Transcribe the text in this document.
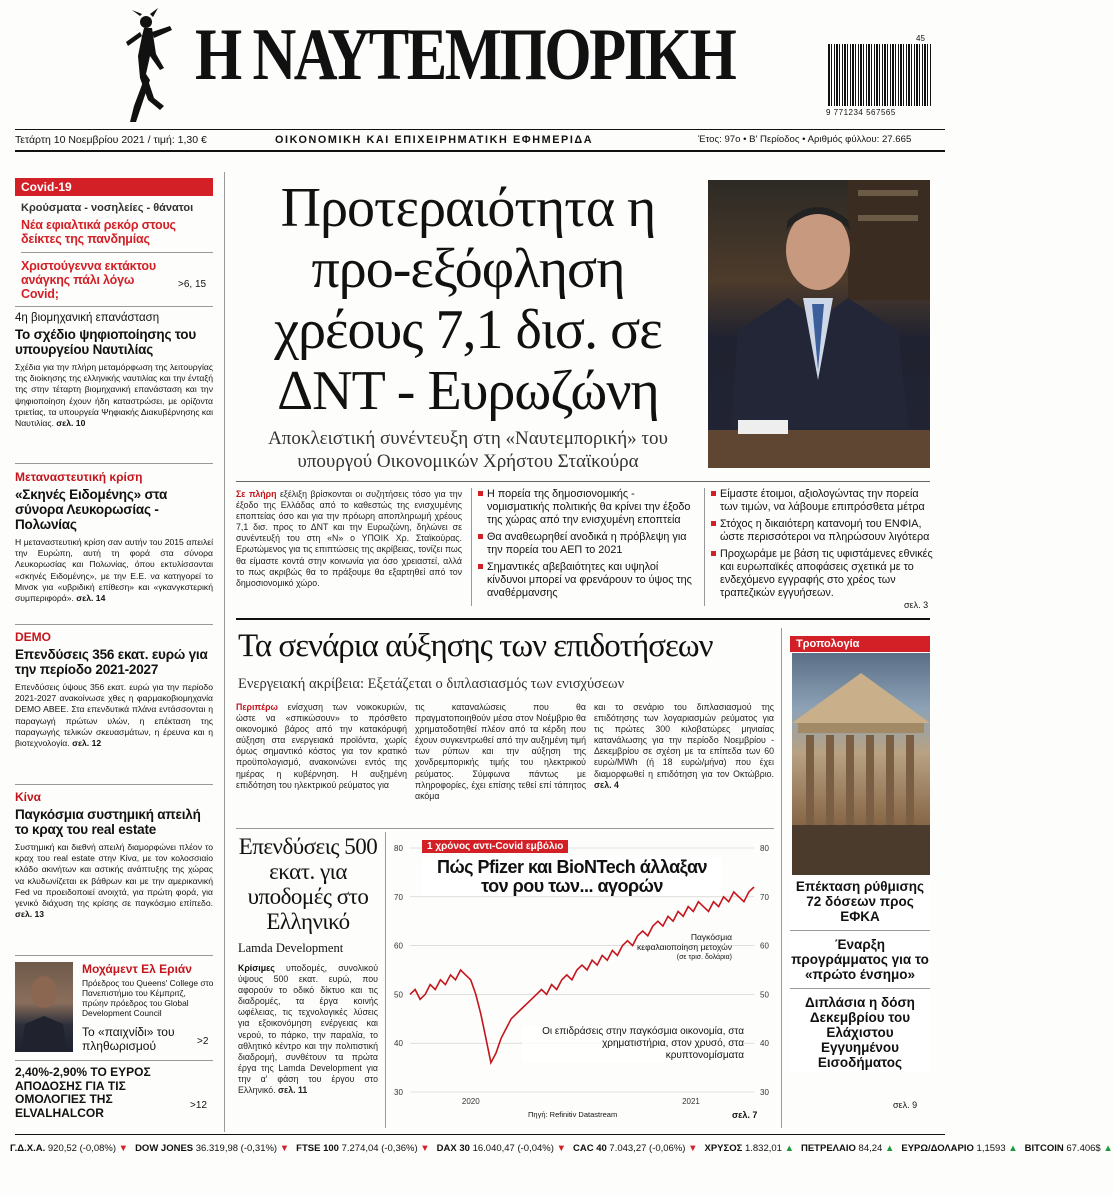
Η ΝΑΥΤΕΜΠΟΡΙΚΗ	45
9 771234 567565
Τετάρτη 10 Νοεμβρίου 2021 / τιμή: 1,30 €	ΟΙΚΟΝΟΜΙΚΗ ΚΑΙ ΕΠΙΧΕΙΡΗΜΑΤΙΚΗ ΕΦΗΜΕΡΙΔΑ	Έτος: 97ο • Β' Περίοδος • Αριθμός φύλλου: 27.665
Covid-19
Κρούσματα - νοσηλείες - θάνατοι
Νέα εφιαλτικά ρεκόρ στους δείκτες της πανδημίας
Χριστούγεννα εκτάκτου ανάγκης πάλι λόγω Covid;
>6, 15
4η βιομηχανική επανάσταση
Το σχέδιο ψηφιοποίησης του υπουργείου Ναυτιλίας

Σχέδια για την πλήρη μεταμόρφωση της λειτουργίας της διοίκησης της ελληνικής ναυτιλίας και την ένταξή της στην τέταρτη βιομηχανική επανάσταση και την ψηφιοποίηση έχουν ήδη καταστρώσει, με ορίζοντα τριετίας, τα υπουργεία Ψηφιακής Διακυβέρνησης και Ναυτιλίας. σελ. 10

Μεταναστευτική κρίση
«Σκηνές Ειδομένης» στα σύνορα Λευκορωσίας - Πολωνίας

Η μεταναστευτική κρίση σαν αυτήν του 2015 απειλεί την Ευρώπη, αυτή τη φορά στα σύνορα Λευκορωσίας και Πολωνίας, όπου εκτυλίσσονται «σκηνές Ειδομένης», με την Ε.Ε. να κατηγορεί το Μινσκ για «υβριδική επίθεση» και «γκανγκστερική συμπεριφορά». σελ. 14

DEMO
Επενδύσεις 356 εκατ. ευρώ για την περίοδο 2021-2027

Επενδύσεις ύψους 356 εκατ. ευρώ για την περίοδο 2021-2027 ανακοίνωσε χθες η φαρμακοβιομηχανία DEMO ABEE. Στα επενδυτικά πλάνα εντάσσονται η παραγωγή πρώτων υλών, η επέκταση της παραγωγής τελικών σκευασμάτων, η έρευνα και η βιοτεχνολογία. σελ. 12

Κίνα
Παγκόσμια συστημική απειλή το κραχ του real estate

Συστημική και διεθνή απειλή διαμορφώνει πλέον το κραχ του real estate στην Κίνα, με τον κολοσσιαίο κλάδο ακινήτων και αστικής ανάπτυξης της χώρας να κλυδωνίζεται εκ βάθρων και με την αμερικανική Fed να προειδοποιεί ανοιχτά, για πρώτη φορά, για γενικό διάχυση της κρίσης σε παγκόσμιο επίπεδο. σελ. 13

Μοχάμεντ Ελ Εριάν
Πρόεδρος του Queens' College στο Πανεπιστήμιο του Κέμπριτζ, πρώην πρόεδρος του Global Development Council
Το «παιχνίδι» του πληθωρισμού	>2
2,40%-2,90% ΤΟ ΕΥΡΟΣ ΑΠΟΔΟΣΗΣ ΓΙΑ ΤΙΣ ΟΜΟΛΟΓΙΕΣ ΤΗΣ ELVALHALCOR	>12
Προτεραιότητα η προ-εξόφληση χρέους 7,1 δισ. σε ΔΝΤ - Ευρωζώνη
Αποκλειστική συνέντευξη στη «Ναυτεμπορική» του υπουργού Οικονομικών Χρήστου Σταϊκούρα
Σε πλήρη εξέλιξη βρίσκονται οι συζητήσεις τόσο για την έξοδο της Ελλάδας από το καθεστώς της ενισχυμένης εποπτείας όσο και για την πρόωρη αποπληρωμή χρέους 7,1 δισ. προς το ΔΝΤ και την Ευρωζώνη, δηλώνει σε συνέντευξή του στη «Ν» ο ΥΠΟΙΚ Χρ. Σταϊκούρας. Ερωτώμενος για τις επιπτώσεις της ακρίβειας, τονίζει πως θα είμαστε κοντά στην κοινωνία για όσο χρειαστεί, αλλά το πως ακριβώς θα το πράξουμε θα εξαρτηθεί από τον δημοσιονομικό χώρο.
Η πορεία της δημοσιονομικής - νομισματικής πολιτικής θα κρίνει την έξοδο της χώρας από την ενισχυμένη εποπτεία
Θα αναθεωρηθεί ανοδικά η πρόβλεψη για την πορεία του ΑΕΠ το 2021
Σημαντικές αβεβαιότητες και υψηλοί κίνδυνοι μπορεί να φρενάρουν το ύψος της αναθέρμανσης
Είμαστε έτοιμοι, αξιολογώντας την πορεία των τιμών, να λάβουμε επιπρόσθετα μέτρα
Στόχος η δικαιότερη κατανομή του ΕΝΦΙΑ, ώστε περισσότεροι να πληρώσουν λιγότερα
Προχωράμε με βάση τις υφιστάμενες εθνικές και ευρωπαϊκές αποφάσεις σχετικά με το ενδεχόμενο εγγραφής στο χρέος των τραπεζικών εγγυήσεων.
σελ. 3
Τα σενάρια αύξησης των επιδοτήσεων
Ενεργειακή ακρίβεια: Εξετάζεται ο διπλασιασμός των ενισχύσεων
Περιπέρω ενίσχυση των νοικοκυριών, ώστε να «σπικώσουν» το πρόσθετο οικονομικό βάρος από την κατακόρυφή αύξηση στα ενεργειακά προϊόντα, χωρίς όμως σημαντικό κόστος για τον κρατικό προϋπολογισμό, ανακοινώνει εντός της ημέρας η κυβέρνηση. Η αυξημένη επιδότηση του ηλεκτρικού ρεύματος για
τις καταναλώσεις που θα πραγματοποιηθούν μέσα στον Νοέμβριο θα χρηματοδοτηθεί πλέον από τα κέρδη που έχουν συγκεντρωθεί από την αυξημένη τιμή των ρύπων και την αύξηση της χονδρεμπορικής τιμής του ηλεκτρικού ρεύματος. Σύμφωνα πάντως με πληροφορίες, έχει επίσης τεθεί επί τάπητος ακόμα
και το σενάριο του διπλασιασμού της επιδότησης των λογαριασμών ρεύματος για τις πρώτες 300 κιλοβατώρες μηνιαίας κατανάλωσης για την περίοδο Νοεμβρίου - Δεκεμβρίου σε σχέση με τα επίπεδα των 60 ευρώ/MWh (ή 18 ευρώ/μήνα) που έχει διαμορφωθεί η επιδότηση για τον Οκτώβριο. σελ. 4
Τροπολογία
Επέκταση ρύθμισης 72 δόσεων προς ΕΦΚΑ
Έναρξη προγράμματος για το «πρώτο ένσημο»
Διπλάσια η δόση Δεκεμβρίου του Ελάχιστου Εγγυημένου Εισοδήματος
σελ. 9
Επενδύσεις 500 εκατ. για υποδομές στο Ελληνικό
Lamda Development
Κρίσιμες υποδομές, συνολικού ύψους 500 εκατ. ευρώ, που αφορούν το οδικό δίκτυο και τις διαδρομές, τα έργα κοινής ωφέλειας, τις τεχνολογικές λύσεις για εξοικονόμηση ενέργειας και νερού, το πάρκο, την παραλία, το αθλητικό κέντρο και την πολιτιστική διαδρομή, συνθέτουν τα πρώτα έργα της Lamda Development για την α' φάση του έργου στο Ελληνικό. σελ. 11
80	80
70	70
60	60
50	50
40	40
30	30
2020	2021
1 χρόνος αντι-Covid εμβόλιο
Πώς Pfizer και BioNTech άλλαξαν τον ρου των... αγορών
Παγκόσμια κεφαλαιοποίηση μετοχών
(σε τρισ. δολάρια)
Οι επιδράσεις στην παγκόσμια οικονομία, στα χρηματιστήρια, στον χρυσό, στα κρυπτονομίσματα
Πηγή: Refinitiv Datastream	σελ. 7
Γ.Δ.Χ.Α. 920,52 (-0,08%) ▼ DOW JONES 36.319,98 (-0,31%) ▼ FTSE 100 7.274,04 (-0,36%) ▼ DAX 30 16.040,47 (-0,04%) ▼ CAC 40 7.043,27 (-0,06%) ▼ ΧΡΥΣΟΣ 1.832,01 ▲ ΠΕΤΡΕΛΑΙΟ 84,24 ▲ ΕΥΡΩ/ΔΟΛΑΡΙΟ 1,1593 ▲ BITCOIN 67.406$ ▲
